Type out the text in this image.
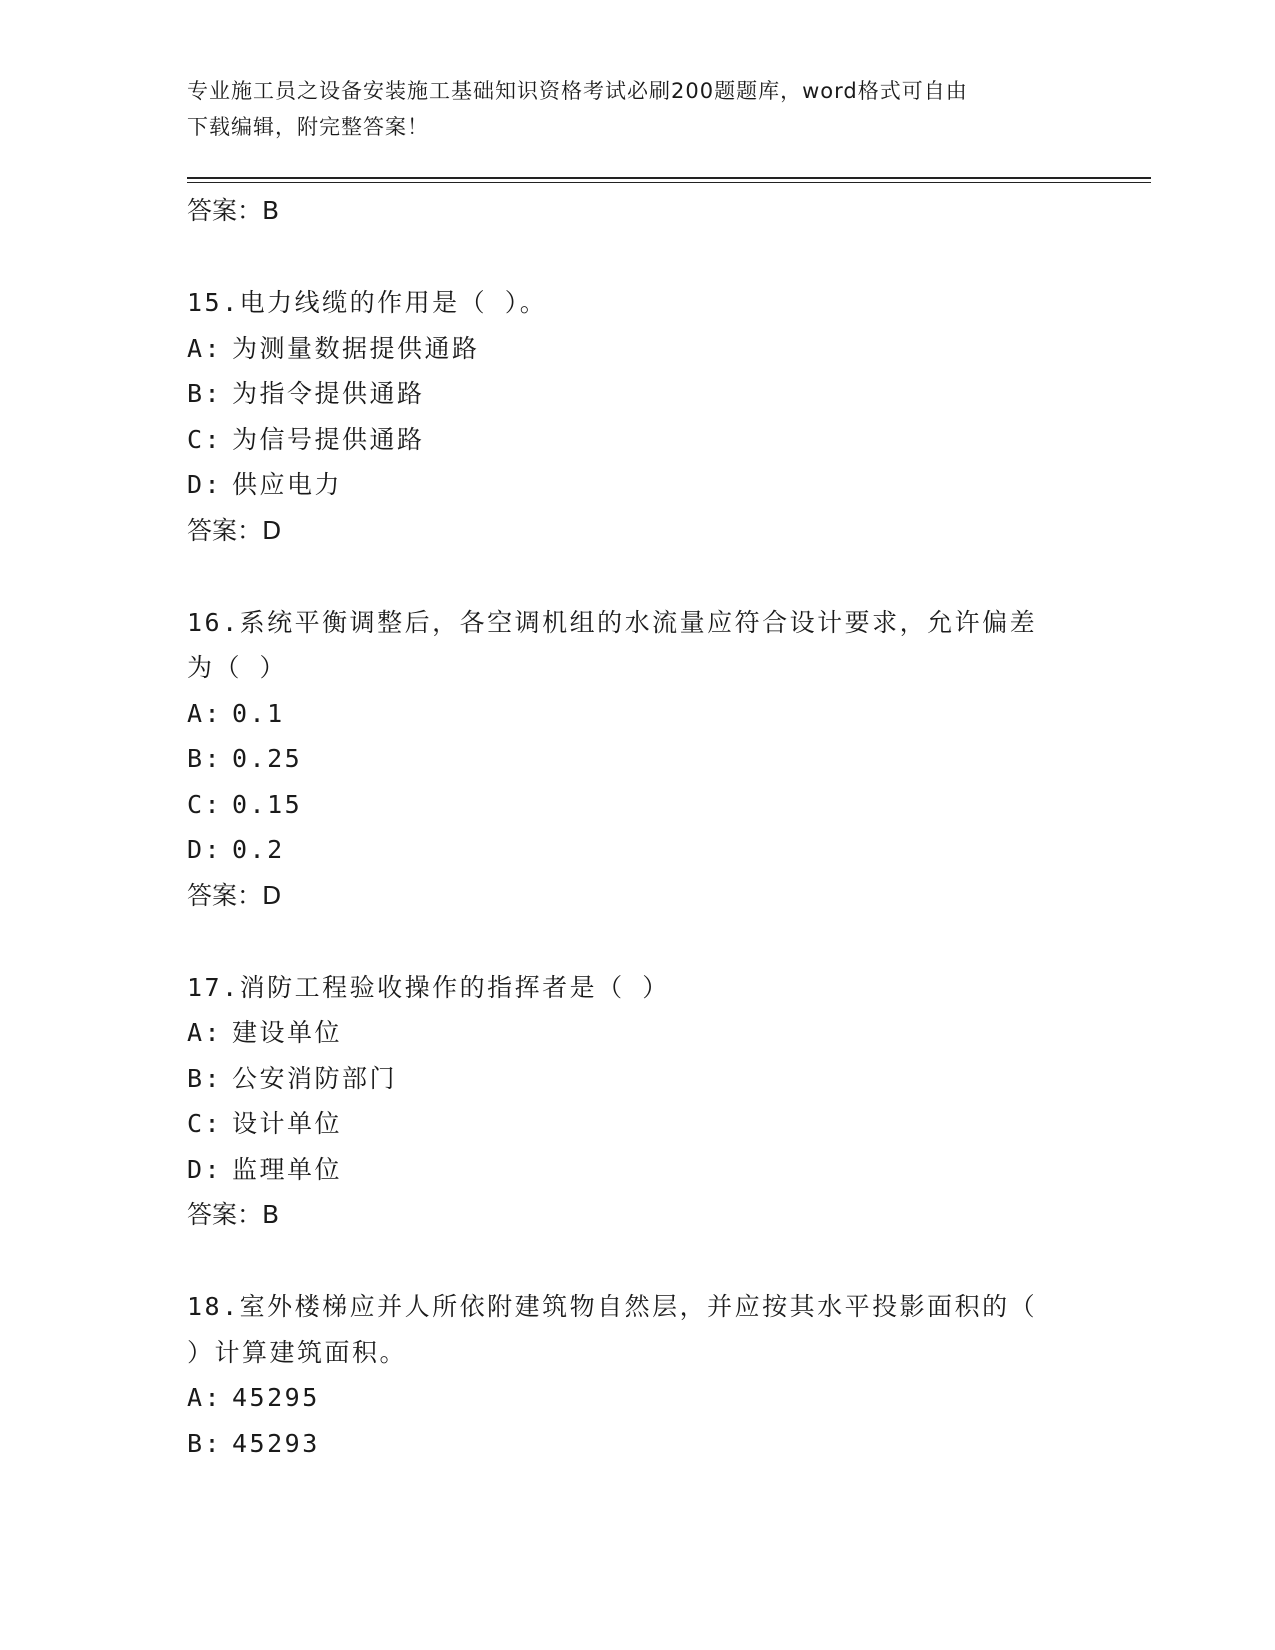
专业施工员之设备安装施工基础知识资格考试必刷200题题库，word格式可自由
下载编辑，附完整答案！
答案：B
15.电力线缆的作用是（ ）。
A: 为测量数据提供通路
B: 为指令提供通路
C: 为信号提供通路
D: 供应电力
答案：D
16.系统平衡调整后，各空调机组的水流量应符合设计要求，允许偏差
为（ ）
A: 0.1
B: 0.25
C: 0.15
D: 0.2
答案：D
17.消防工程验收操作的指挥者是（ ）
A: 建设单位
B: 公安消防部门
C: 设计单位
D: 监理单位
答案：B
18.室外楼梯应并人所依附建筑物自然层，并应按其水平投影面积的（
）计算建筑面积。
A: 45295
B: 45293
